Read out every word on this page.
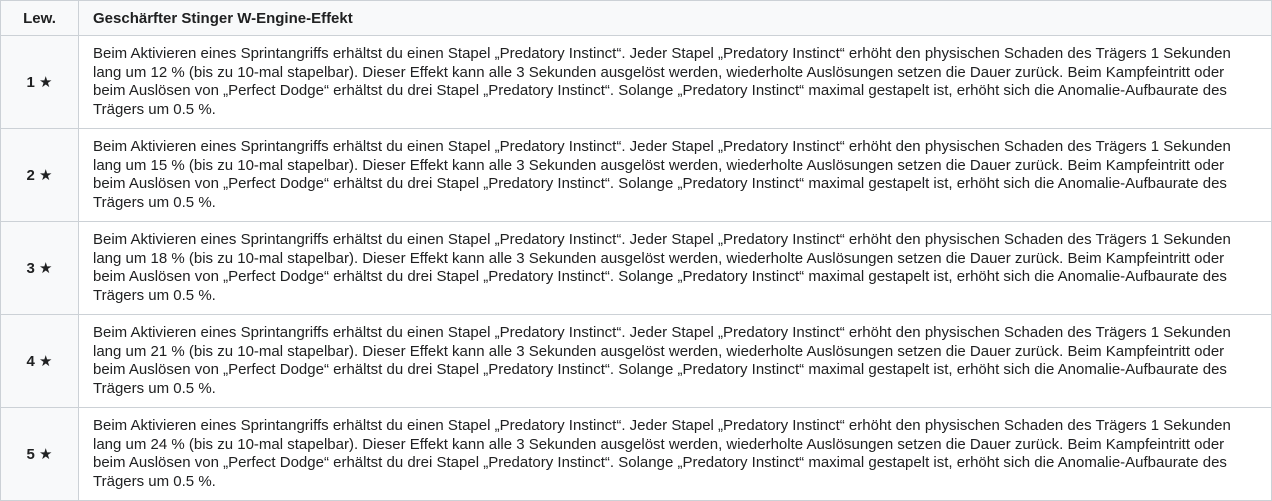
Lew.	Geschärfter Stinger W-Engine-Effekt
1 ★	Beim Aktivieren eines Sprintangriffs erhältst du einen Stapel „Predatory Instinct“. Jeder Stapel „Predatory Instinct“ erhöht den physischen Schaden des Trägers 1 Sekunden lang um 12 % (bis zu 10-mal stapelbar). Dieser Effekt kann alle 3 Sekunden ausgelöst werden, wiederholte Auslösungen setzen die Dauer zurück. Beim Kampfeintritt oder beim Auslösen von „Perfect Dodge“ erhältst du drei Stapel „Predatory Instinct“. Solange „Predatory Instinct“ maximal gestapelt ist, erhöht sich die Anomalie-Aufbaurate des Trägers um 0.5 %.
2 ★	Beim Aktivieren eines Sprintangriffs erhältst du einen Stapel „Predatory Instinct“. Jeder Stapel „Predatory Instinct“ erhöht den physischen Schaden des Trägers 1 Sekunden lang um 15 % (bis zu 10-mal stapelbar). Dieser Effekt kann alle 3 Sekunden ausgelöst werden, wiederholte Auslösungen setzen die Dauer zurück. Beim Kampfeintritt oder beim Auslösen von „Perfect Dodge“ erhältst du drei Stapel „Predatory Instinct“. Solange „Predatory Instinct“ maximal gestapelt ist, erhöht sich die Anomalie-Aufbaurate des Trägers um 0.5 %.
3 ★	Beim Aktivieren eines Sprintangriffs erhältst du einen Stapel „Predatory Instinct“. Jeder Stapel „Predatory Instinct“ erhöht den physischen Schaden des Trägers 1 Sekunden lang um 18 % (bis zu 10-mal stapelbar). Dieser Effekt kann alle 3 Sekunden ausgelöst werden, wiederholte Auslösungen setzen die Dauer zurück. Beim Kampfeintritt oder beim Auslösen von „Perfect Dodge“ erhältst du drei Stapel „Predatory Instinct“. Solange „Predatory Instinct“ maximal gestapelt ist, erhöht sich die Anomalie-Aufbaurate des Trägers um 0.5 %.
4 ★	Beim Aktivieren eines Sprintangriffs erhältst du einen Stapel „Predatory Instinct“. Jeder Stapel „Predatory Instinct“ erhöht den physischen Schaden des Trägers 1 Sekunden lang um 21 % (bis zu 10-mal stapelbar). Dieser Effekt kann alle 3 Sekunden ausgelöst werden, wiederholte Auslösungen setzen die Dauer zurück. Beim Kampfeintritt oder beim Auslösen von „Perfect Dodge“ erhältst du drei Stapel „Predatory Instinct“. Solange „Predatory Instinct“ maximal gestapelt ist, erhöht sich die Anomalie-Aufbaurate des Trägers um 0.5 %.
5 ★	Beim Aktivieren eines Sprintangriffs erhältst du einen Stapel „Predatory Instinct“. Jeder Stapel „Predatory Instinct“ erhöht den physischen Schaden des Trägers 1 Sekunden lang um 24 % (bis zu 10-mal stapelbar). Dieser Effekt kann alle 3 Sekunden ausgelöst werden, wiederholte Auslösungen setzen die Dauer zurück. Beim Kampfeintritt oder beim Auslösen von „Perfect Dodge“ erhältst du drei Stapel „Predatory Instinct“. Solange „Predatory Instinct“ maximal gestapelt ist, erhöht sich die Anomalie-Aufbaurate des Trägers um 0.5 %.
